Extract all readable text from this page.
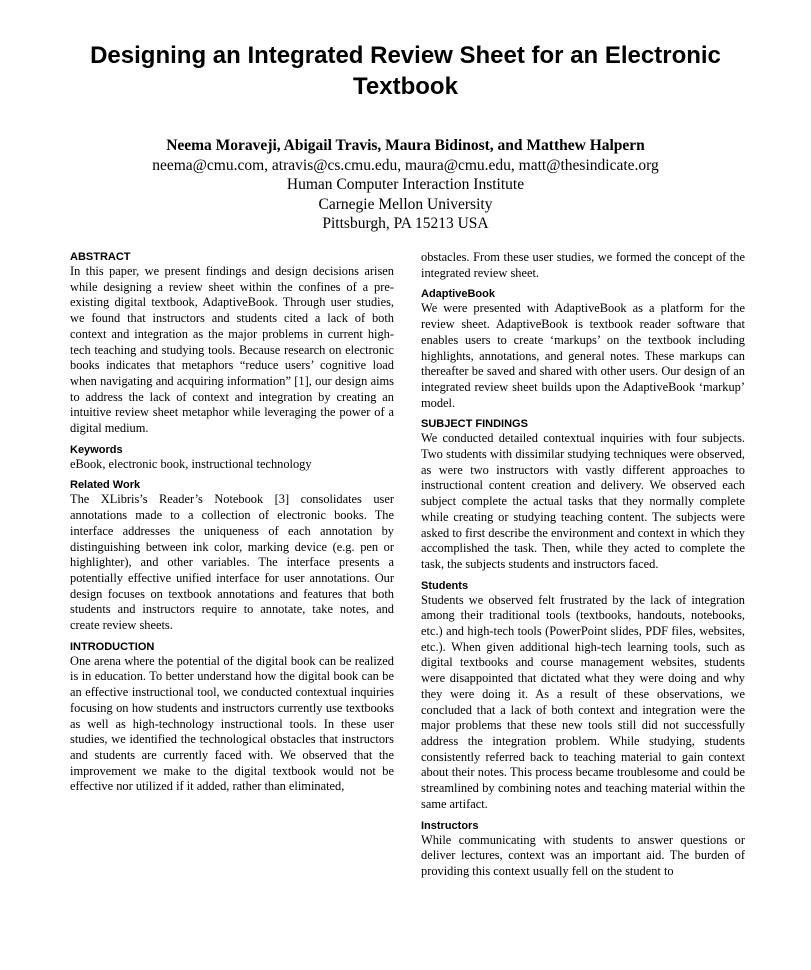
Designing an Integrated Review Sheet for an Electronic Textbook
Neema Moraveji, Abigail Travis, Maura Bidinost, and Matthew Halpern
neema@cmu.com, atravis@cs.cmu.edu, maura@cmu.edu, matt@thesindicate.org
Human Computer Interaction Institute
Carnegie Mellon University
Pittsburgh, PA 15213 USA
ABSTRACT

In this paper, we present findings and design decisions arisen while designing a review sheet within the confines of a pre-existing digital textbook, AdaptiveBook. Through user studies, we found that instructors and students cited a lack of both context and integration as the major problems in current high-tech teaching and studying tools. Because research on electronic books indicates that metaphors “reduce users’ cognitive load when navigating and acquiring information” [1], our design aims to address the lack of context and integration by creating an intuitive review sheet metaphor while leveraging the power of a digital medium.

Keywords

eBook, electronic book, instructional technology

Related Work

The XLibris’s Reader’s Notebook [3] consolidates user annotations made to a collection of electronic books. The interface addresses the uniqueness of each annotation by distinguishing between ink color, marking device (e.g. pen or highlighter), and other variables. The interface presents a potentially effective unified interface for user annotations. Our design focuses on textbook annotations and features that both students and instructors require to annotate, take notes, and create review sheets.

INTRODUCTION

One arena where the potential of the digital book can be realized is in education. To better understand how the digital book can be an effective instructional tool, we conducted contextual inquiries focusing on how students and instructors currently use textbooks as well as high-technology instructional tools. In these user studies, we identified the technological obstacles that instructors and students are currently faced with. We observed that the improvement we make to the digital textbook would not be effective nor utilized if it added, rather than eliminated,

obstacles. From these user studies, we formed the concept of the integrated review sheet.

AdaptiveBook

We were presented with AdaptiveBook as a platform for the review sheet. AdaptiveBook is textbook reader software that enables users to create ‘markups’ on the textbook including highlights, annotations, and general notes. These markups can thereafter be saved and shared with other users. Our design of an integrated review sheet builds upon the AdaptiveBook ‘markup’ model.

SUBJECT FINDINGS

We conducted detailed contextual inquiries with four subjects. Two students with dissimilar studying techniques were observed, as were two instructors with vastly different approaches to instructional content creation and delivery. We observed each subject complete the actual tasks that they normally complete while creating or studying teaching content. The subjects were asked to first describe the environment and context in which they accomplished the task. Then, while they acted to complete the task, the subjects students and instructors faced.

Students

Students we observed felt frustrated by the lack of integration among their traditional tools (textbooks, handouts, notebooks, etc.) and high-tech tools (PowerPoint slides, PDF files, websites, etc.). When given additional high-tech learning tools, such as digital textbooks and course management websites, students were disappointed that dictated what they were doing and why they were doing it. As a result of these observations, we concluded that a lack of both context and integration were the major problems that these new tools still did not successfully address the integration problem. While studying, students consistently referred back to teaching material to gain context about their notes. This process became troublesome and could be streamlined by combining notes and teaching material within the same artifact.

Instructors

While communicating with students to answer questions or deliver lectures, context was an important aid. The burden of providing this context usually fell on the student to
